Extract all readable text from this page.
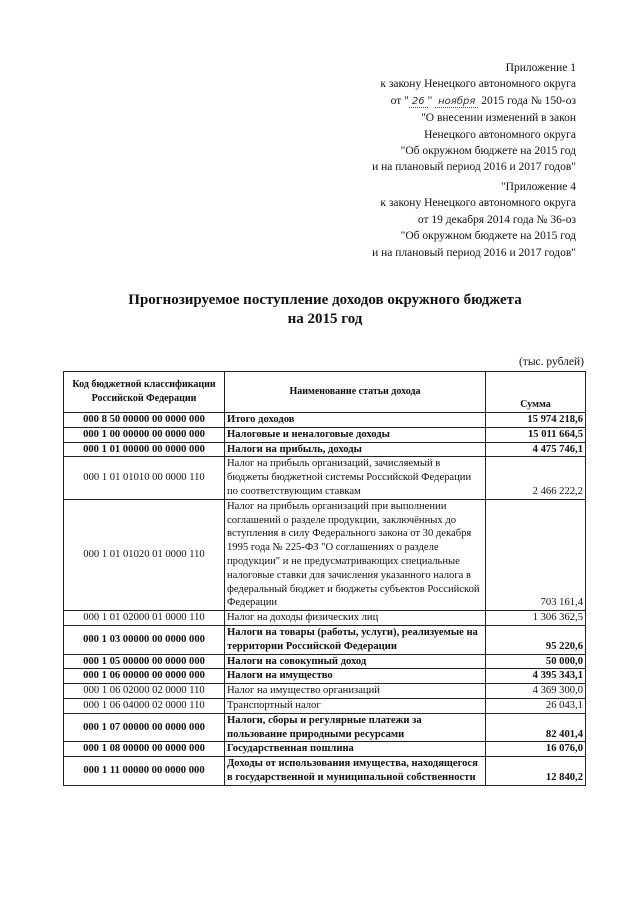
Приложение 1
к закону Ненецкого автономного округа
от " 26 " ноября 2015 года № 150-оз
"О внесении изменений в закон
Ненецкого автономного округа
"Об окружном бюджете на 2015 год
и на плановый период 2016 и 2017 годов"
"Приложение 4
к закону Ненецкого автономного округа
от 19 декабря 2014 года № 36-оз
"Об окружном бюджете на 2015 год
и на плановый период 2016 и 2017 годов"
Прогнозируемое поступление доходов окружного бюджета
на 2015 год
(тыс. рублей)
Код бюджетной классификации Российской Федерации	Наименование статьи дохода	Сумма
000 8 50 00000 00 0000 000	Итого доходов	15 974 218,6
000 1 00 00000 00 0000 000	Налоговые и неналоговые доходы	15 011 664,5
000 1 01 00000 00 0000 000	Налоги на прибыль, доходы	4 475 746,1
000 1 01 01010 00 0000 110	Налог на прибыль организаций, зачисляемый в бюджеты бюджетной системы Российской Федерации по соответствующим ставкам	2 466 222,2
000 1 01 01020 01 0000 110	Налог на прибыль организаций при выполнении соглашений о разделе продукции, заключённых до вступления в силу Федерального закона от 30 декабря 1995 года № 225-ФЗ "О соглашениях о разделе продукции" и не предусматривающих специальные налоговые ставки для зачисления указанного налога в федеральный бюджет и бюджеты субъектов Российской Федерации	703 161,4
000 1 01 02000 01 0000 110	Налог на доходы физических лиц	1 306 362,5
000 1 03 00000 00 0000 000	Налоги на товары (работы, услуги), реализуемые на территории Российской Федерации	95 220,6
000 1 05 00000 00 0000 000	Налоги на совокупный доход	50 000,0
000 1 06 00000 00 0000 000	Налоги на имущество	4 395 343,1
000 1 06 02000 02 0000 110	Налог на имущество организаций	4 369 300,0
000 1 06 04000 02 0000 110	Транспортный налог	26 043,1
000 1 07 00000 00 0000 000	Налоги, сборы и регулярные платежи за пользование природными ресурсами	82 401,4
000 1 08 00000 00 0000 000	Государственная пошлина	16 076,0
000 1 11 00000 00 0000 000	Доходы от использования имущества, находящегося в государственной и муниципальной собственности	12 840,2
